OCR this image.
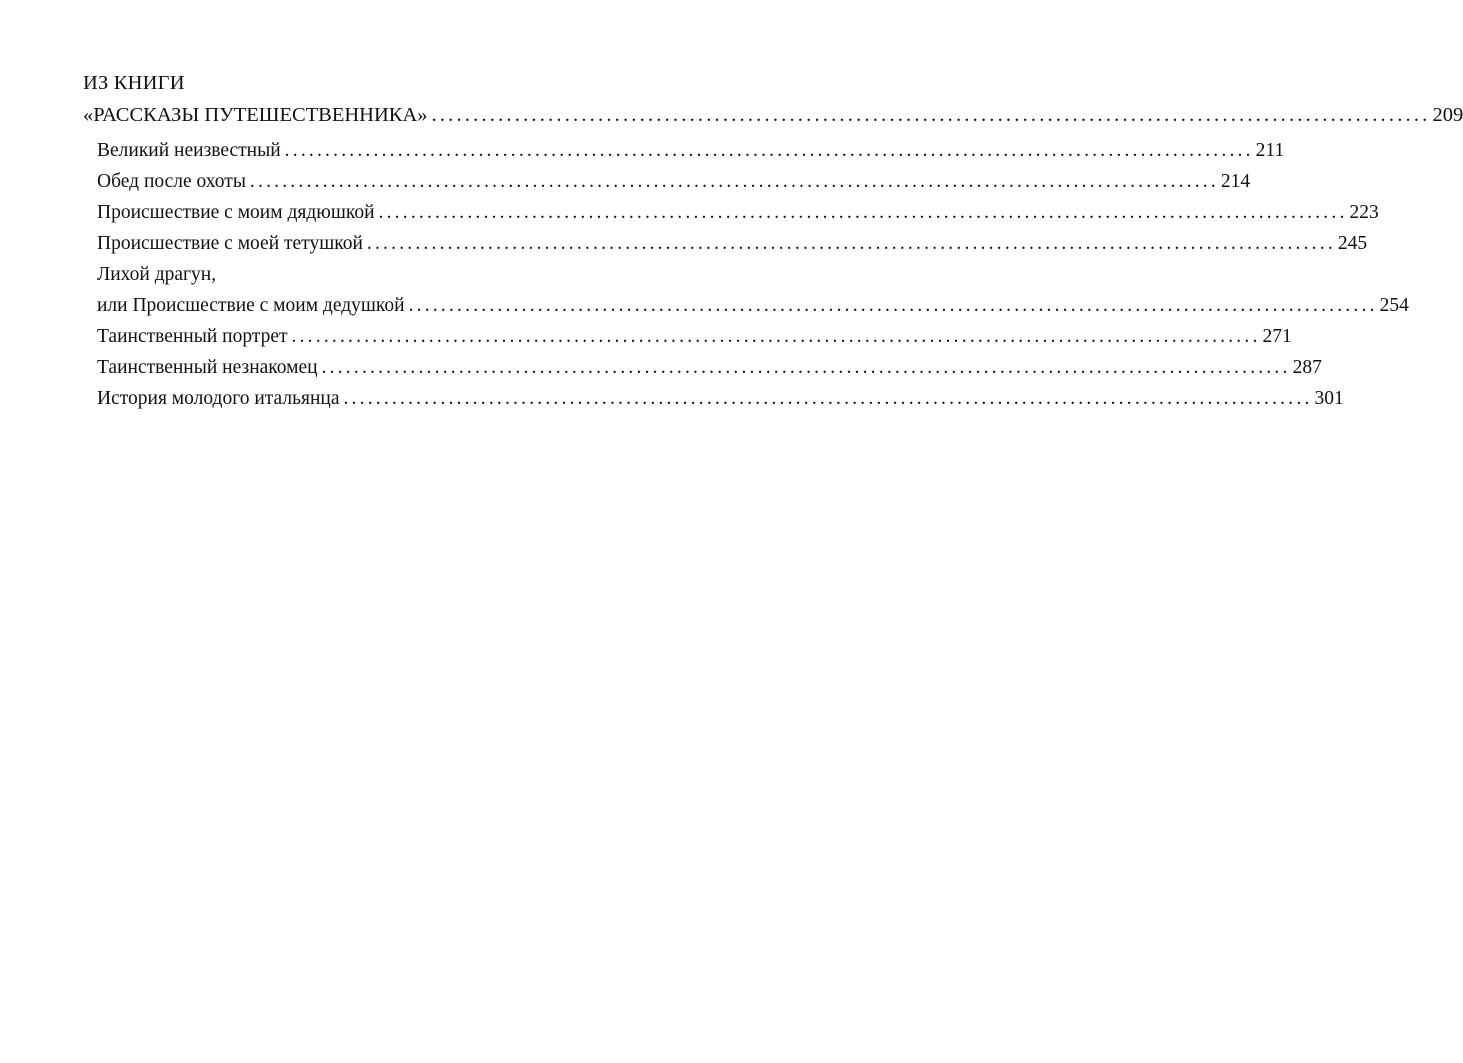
ИЗ КНИГИ
«РАССКАЗЫ ПУТЕШЕСТВЕННИКА» ........................................................................................................................ 209
Великий неизвестный ........................................................................................................................ 211
Обед после охоты ........................................................................................................................ 214
Происшествие с моим дядюшкой ........................................................................................................................ 223
Происшествие с моей тетушкой ........................................................................................................................ 245
Лихой драгун,
или Происшествие с моим дедушкой ........................................................................................................................ 254
Таинственный портрет ........................................................................................................................ 271
Таинственный незнакомец ........................................................................................................................ 287
История молодого итальянца ........................................................................................................................ 301
